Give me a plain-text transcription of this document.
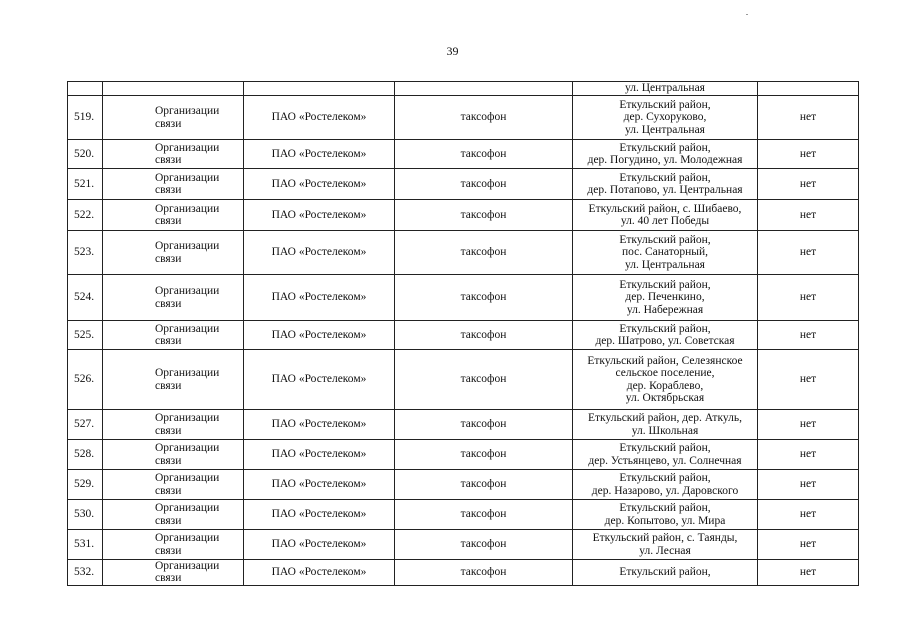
39

				ул. Центральная	

519.	Организации связи	ПАО «Ростелеком»	таксофон	Еткульский район,
дер. Сухоруково,
ул. Центральная	нет
520.	Организации связи	ПАО «Ростелеком»	таксофон	Еткульский район,
дер. Погудино, ул. Молодежная	нет
521.	Организации связи	ПАО «Ростелеком»	таксофон	Еткульский район,
дер. Потапово, ул. Центральная	нет
522.	Организации связи	ПАО «Ростелеком»	таксофон	Еткульский район, с. Шибаево,
ул. 40 лет Победы	нет
523.	Организации связи	ПАО «Ростелеком»	таксофон	Еткульский район,
пос. Санаторный,
ул. Центральная	нет
524.	Организации связи	ПАО «Ростелеком»	таксофон	Еткульский район,
дер. Печенкино,
ул. Набережная	нет
525.	Организации связи	ПАО «Ростелеком»	таксофон	Еткульский район,
дер. Шатрово, ул. Советская	нет
526.	Организации связи	ПАО «Ростелеком»	таксофон	Еткульский район, Селезянское
сельское поселение,
дер. Кораблево,
ул. Октябрьская	нет
527.	Организации связи	ПАО «Ростелеком»	таксофон	Еткульский район, дер. Аткуль,
ул. Школьная	нет
528.	Организации связи	ПАО «Ростелеком»	таксофон	Еткульский район,
дер. Устьянцево, ул. Солнечная	нет
529.	Организации связи	ПАО «Ростелеком»	таксофон	Еткульский район,
дер. Назарово, ул. Даровского	нет
530.	Организации связи	ПАО «Ростелеком»	таксофон	Еткульский район,
дер. Копытово, ул. Мира	нет
531.	Организации связи	ПАО «Ростелеком»	таксофон	Еткульский район, с. Таянды,
ул. Лесная	нет
532.	Организации связи	ПАО «Ростелеком»	таксофон	Еткульский район,	нет
